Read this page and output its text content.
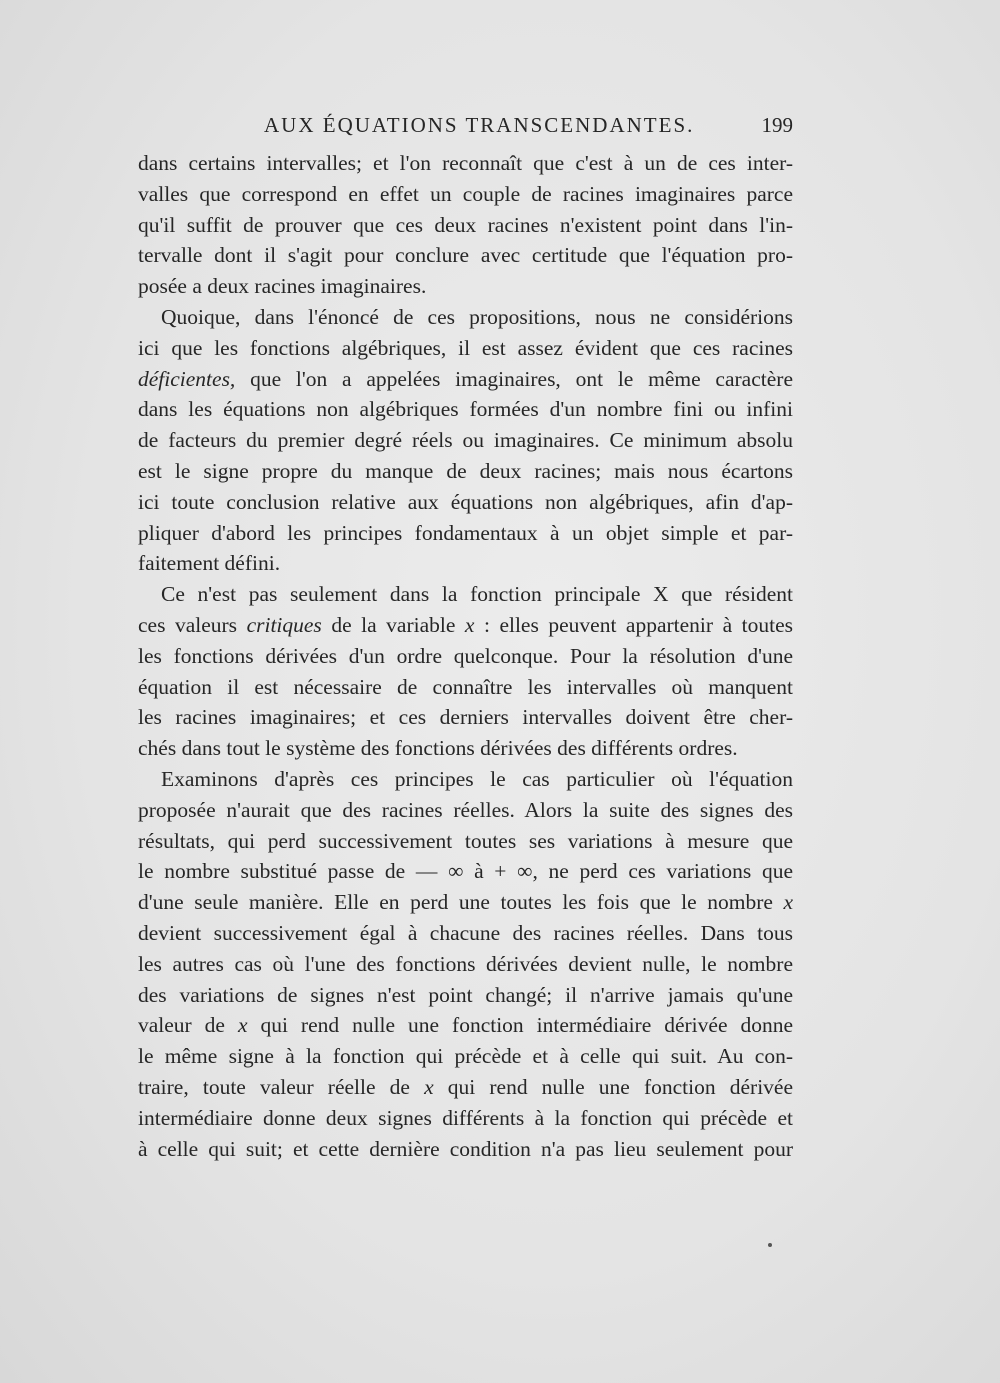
AUX ÉQUATIONS TRANSCENDANTES.	199
dans certains intervalles; et l'on reconnaît que c'est à un de ces inter-
valles que correspond en effet un couple de racines imaginaires parce
qu'il suffit de prouver que ces deux racines n'existent point dans l'in-
tervalle dont il s'agit pour conclure avec certitude que l'équation pro-
posée a deux racines imaginaires.
Quoique, dans l'énoncé de ces propositions, nous ne considérions
ici que les fonctions algébriques, il est assez évident que ces racines
déficientes, que l'on a appelées imaginaires, ont le même caractère
dans les équations non algébriques formées d'un nombre fini ou infini
de facteurs du premier degré réels ou imaginaires. Ce minimum absolu
est le signe propre du manque de deux racines; mais nous écartons
ici toute conclusion relative aux équations non algébriques, afin d'ap-
pliquer d'abord les principes fondamentaux à un objet simple et par-
faitement défini.
Ce n'est pas seulement dans la fonction principale X que résident
ces valeurs critiques de la variable x : elles peuvent appartenir à toutes
les fonctions dérivées d'un ordre quelconque. Pour la résolution d'une
équation il est nécessaire de connaître les intervalles où manquent
les racines imaginaires; et ces derniers intervalles doivent être cher-
chés dans tout le système des fonctions dérivées des différents ordres.
Examinons d'après ces principes le cas particulier où l'équation
proposée n'aurait que des racines réelles. Alors la suite des signes des
résultats, qui perd successivement toutes ses variations à mesure que
le nombre substitué passe de — ∞ à + ∞, ne perd ces variations que
d'une seule manière. Elle en perd une toutes les fois que le nombre x
devient successivement égal à chacune des racines réelles. Dans tous
les autres cas où l'une des fonctions dérivées devient nulle, le nombre
des variations de signes n'est point changé; il n'arrive jamais qu'une
valeur de x qui rend nulle une fonction intermédiaire dérivée donne
le même signe à la fonction qui précède et à celle qui suit. Au con-
traire, toute valeur réelle de x qui rend nulle une fonction dérivée
intermédiaire donne deux signes différents à la fonction qui précède et
à celle qui suit; et cette dernière condition n'a pas lieu seulement pour
